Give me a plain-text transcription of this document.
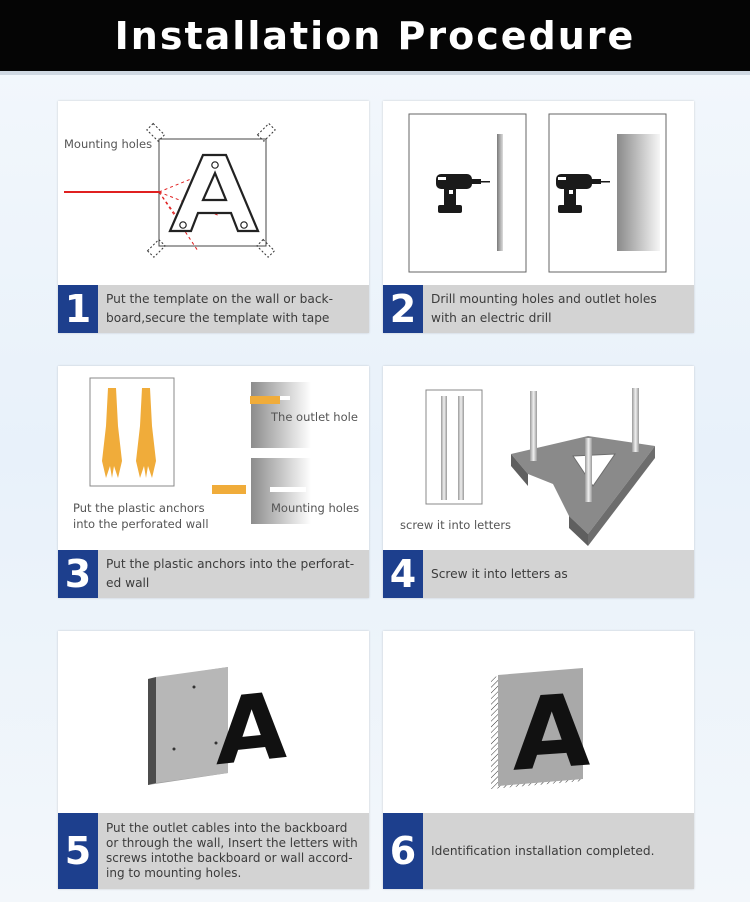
Installation Procedure
Mounting holes
1	Put the template on the wall or back-
board,secure the template with tape 2	Drill mounting holes and outlet holes
with an electric drill
The outlet hole
Mounting holes
Put the plastic anchors
into the perforated wall
3	Put the plastic anchors into the perforat-
ed wall
screw it into letters
4	Screw it into letters as
A
5
Put the outlet cables into the backboard
or through the wall, Insert the letters with
screws intothe backboard or wall accord-
ing to mounting holes.
A
6	Identification installation completed.
